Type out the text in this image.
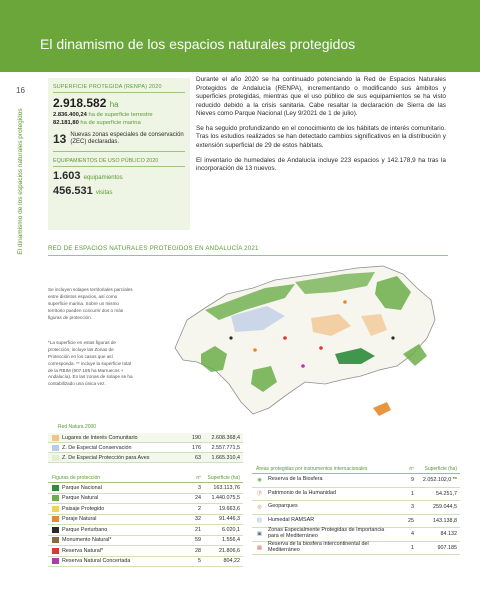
El dinamismo de los espacios naturales protegidos
16
El dinamismo de los espacios naturales protegidos
SUPERFICIE PROTEGIDA (RENPA) 2020
2.918.582 ha
2.836.400,24 ha de superficie terrestre
82.181,80 ha de superficie marina
13 Nuevas zonas especiales de conservación (ZEC) declaradas.
EQUIPAMIENTOS DE USO PÚBLICO 2020
1.603 equipamientos
456.531 visitas

Durante el año 2020 se ha continuado potenciando la Red de Espacios Naturales Protegidos de Andalucía (RENPA), incrementando o modificando sus ámbitos y superficies protegidas, mientras que el uso público de sus equipamientos se ha visto reducido debido a la crisis sanitaria. Cabe resaltar la declaración de Sierra de las Nieves como Parque Nacional (Ley 9/2021 de 1 de julio).

Se ha seguido profundizando en el conocimiento de los hábitats de interés comunitario. Tras los estudios realizados se han detectado cambios significativos en la distribución y extensión superficial de 29 de estos hábitats.

El inventario de humedales de Andalucía incluye 223 espacios y 142.178,9 ha tras la incorporación de 13 nuevos.

RED DE ESPACIOS NATURALES PROTEGIDOS EN ANDALUCÍA 2021
Se incluyen solapes territoriales parciales entre distintos espacios, así como superficie marina. Sobre un mismo territorio pueden concurrir dos o más figuras de protección.
*La superficie en estas figuras de protección, incluye las Zonas de Protección en los casos que así corresponda. ** incluye la superficie total de la RBIM (907.185 ha Marruecos + Andalucía). En las zonas de solape se ha contabilizado una única vez.
Red Natura 2000
Lugares de Interés Comunitario	190	2.608.368,4
Z. De Especial Conservación	176	2.557.771,5
Z. De Especial Protección para Aves	63	1.665.310,4
Figuras de protección	nº	Superficie (ha)
Parque Nacional	3	163.113,76
Parque Natural	24	1.440.075,5
Paisaje Protegido	2	19.663,6
Paraje Natural	32	91.446,3
Parque Periurbano	21	6.020,1
Monumento Natural*	59	1.556,4
Reserva Natural*	28	21.806,6
Reserva Natural Concertada	5	804,22
Áreas protegidas por instrumentos internacionales	nº	Superficie (ha)
◉	Reserva de la Biosfera	9	2.052.102,0 **
Ⓟ	Patrimonio de la Humanidad	1	54.251,7
◎	Geoparques	3	259.044,5
Ⓡ	Humedal RAMSAR	25	143.138,8
▣
Zonas Especialmente Protegidas de Importancia para el Mediterráneo	4	84.132
▤
Reserva de la biosfera intercontinental del Mediterráneo	1	907.185
